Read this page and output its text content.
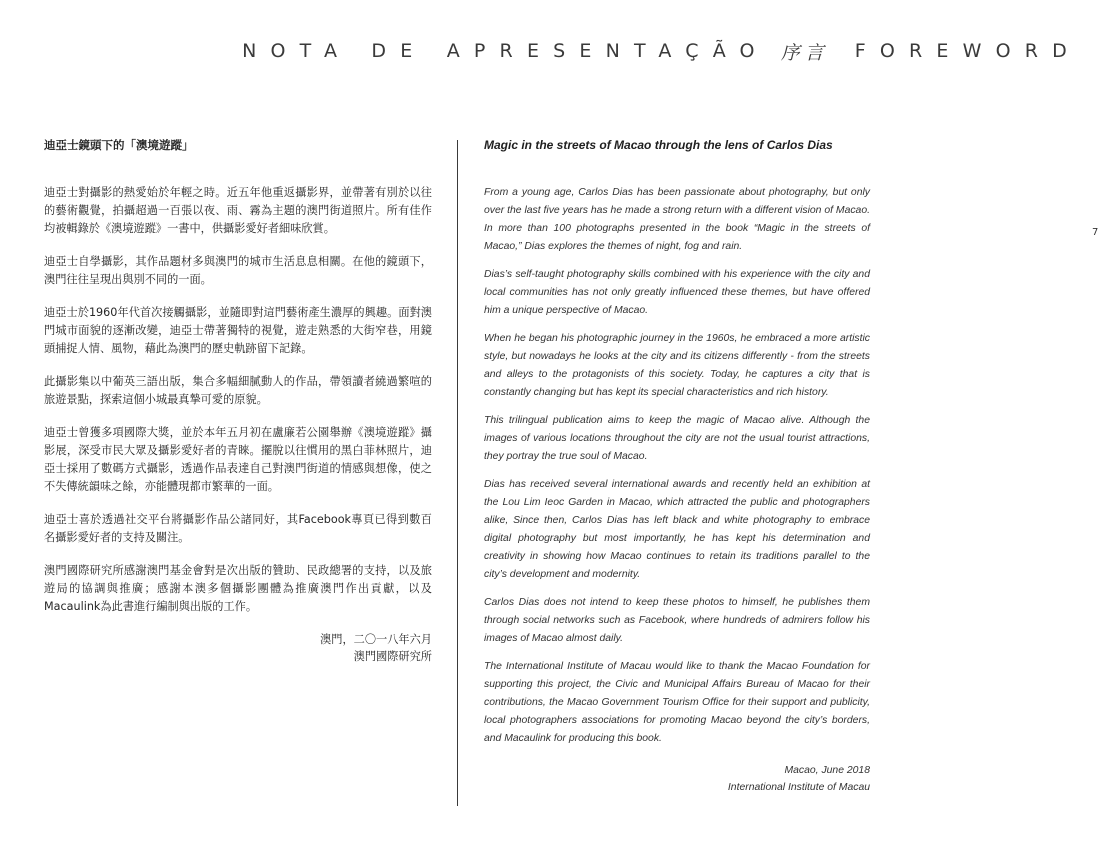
NOTA DE APRESENTAÇÃO 序言 FOREWORD
7
迪亞士鏡頭下的「澳境遊蹤」

迪亞士對攝影的熱愛始於年輕之時。近五年他重返攝影界，並帶著有別於以往的藝術觀覺，拍攝超過一百張以夜、雨、霧為主題的澳門街道照片。所有佳作均被輯錄於《澳境遊蹤》一書中，供攝影愛好者細味欣賞。

迪亞士自學攝影，其作品題材多與澳門的城市生活息息相關。在他的鏡頭下，澳門往往呈現出與別不同的一面。

迪亞士於1960年代首次接觸攝影，並隨即對這門藝術產生濃厚的興趣。面對澳門城市面貌的逐漸改變，迪亞士帶著獨特的視覺，遊走熟悉的大街窄巷，用鏡頭捕捉人情、風物，藉此為澳門的歷史軌跡留下記錄。

此攝影集以中葡英三語出版，集合多幅細膩動人的作品，帶領讀者繞過繁喧的旅遊景點，探索這個小城最真摯可愛的原貌。

迪亞士曾獲多項國際大獎，並於本年五月初在盧廉若公園舉辦《澳境遊蹤》攝影展，深受市民大眾及攝影愛好者的青睞。擺脫以往慣用的黑白菲林照片，迪亞士採用了數碼方式攝影，透過作品表達自己對澳門街道的情感與想像，使之不失傳統韻味之餘，亦能體現都市繁華的一面。

迪亞士喜於透過社交平台將攝影作品公諸同好，其Facebook專頁已得到數百名攝影愛好者的支持及關注。

澳門國際研究所感謝澳門基金會對是次出版的贊助、民政總署的支持，以及旅遊局的協調與推廣；感謝本澳多個攝影團體為推廣澳門作出貢獻，以及Macaulink為此書進行編制與出版的工作。

澳門，二〇一八年六月
澳門國際研究所
Magic in the streets of Macao through the lens of Carlos Dias

From a young age, Carlos Dias has been passionate about photography, but only over the last five years has he made a strong return with a different vision of Macao. In more than 100 photographs presented in the book “Magic in the streets of Macao,” Dias explores the themes of night, fog and rain.

Dias’s self-taught photography skills combined with his experience with the city and local communities has not only greatly influenced these themes, but have offered him a unique perspective of Macao.

When he began his photographic journey in the 1960s, he embraced a more artistic style, but nowadays he looks at the city and its citizens differently - from the streets and alleys to the protagonists of this society. Today, he captures a city that is constantly changing but has kept its special characteristics and rich history.

This trilingual publication aims to keep the magic of Macao alive. Although the images of various locations throughout the city are not the usual tourist attractions, they portray the true soul of Macao.

Dias has received several international awards and recently held an exhibition at the Lou Lim Ieoc Garden in Macao, which attracted the public and photographers alike, Since then, Carlos Dias has left black and white photography to embrace digital photography but most importantly, he has kept his determination and creativity in showing how Macao continues to retain its traditions parallel to the city’s development and modernity.

Carlos Dias does not intend to keep these photos to himself, he publishes them through social networks such as Facebook, where hundreds of admirers follow his images of Macao almost daily.

The International Institute of Macau would like to thank the Macao Foundation for supporting this project, the Civic and Municipal Affairs Bureau of Macao for their contributions, the Macao Government Tourism Office for their support and publicity, local photographers associations for promoting Macao beyond the city’s borders, and Macaulink for producing this book.

Macao, June 2018
International Institute of Macau
